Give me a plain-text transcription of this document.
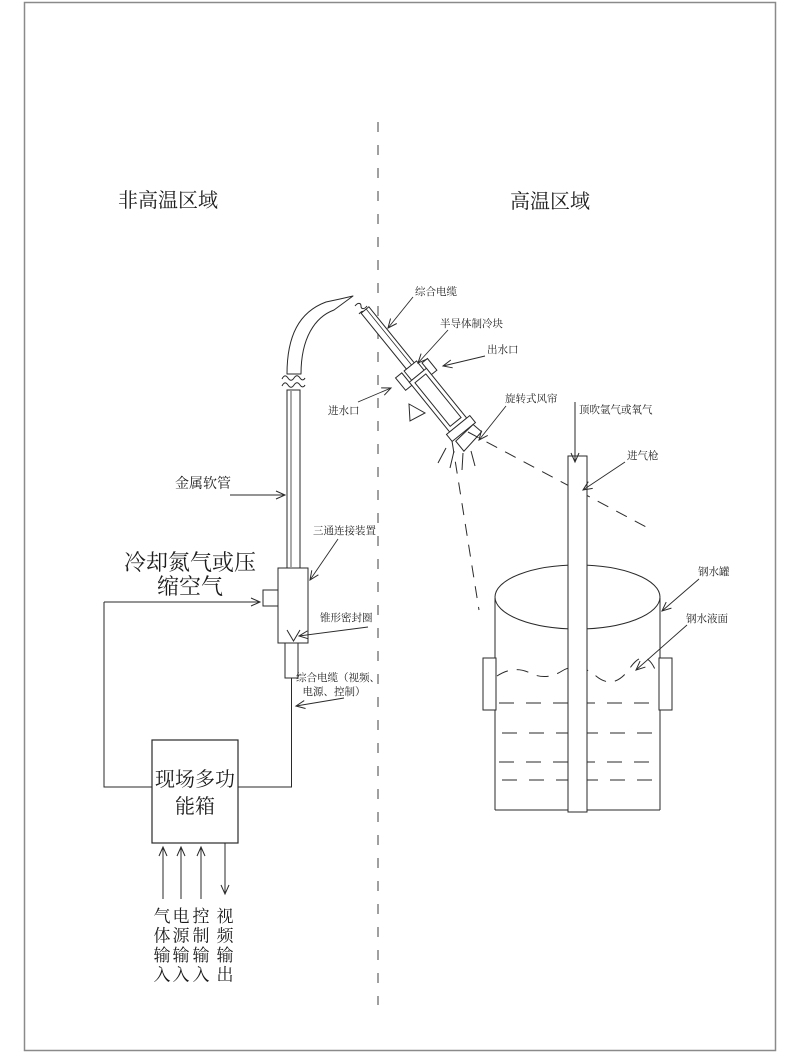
非高温区域	高温区域
现场多功
能箱
气
体
输
入
电
源
输
入
控
制
输
入
视
频
输
出
综合电缆
半导体制冷块
出水口
进水口
旋转式风帘
顶吹氩气或氧气
进气枪
金属软管
三通连接装置
冷却氮气或压
缩空气
锥形密封圈
综合电缆（视频、
电源、控制）
钢水罐
钢水液面
